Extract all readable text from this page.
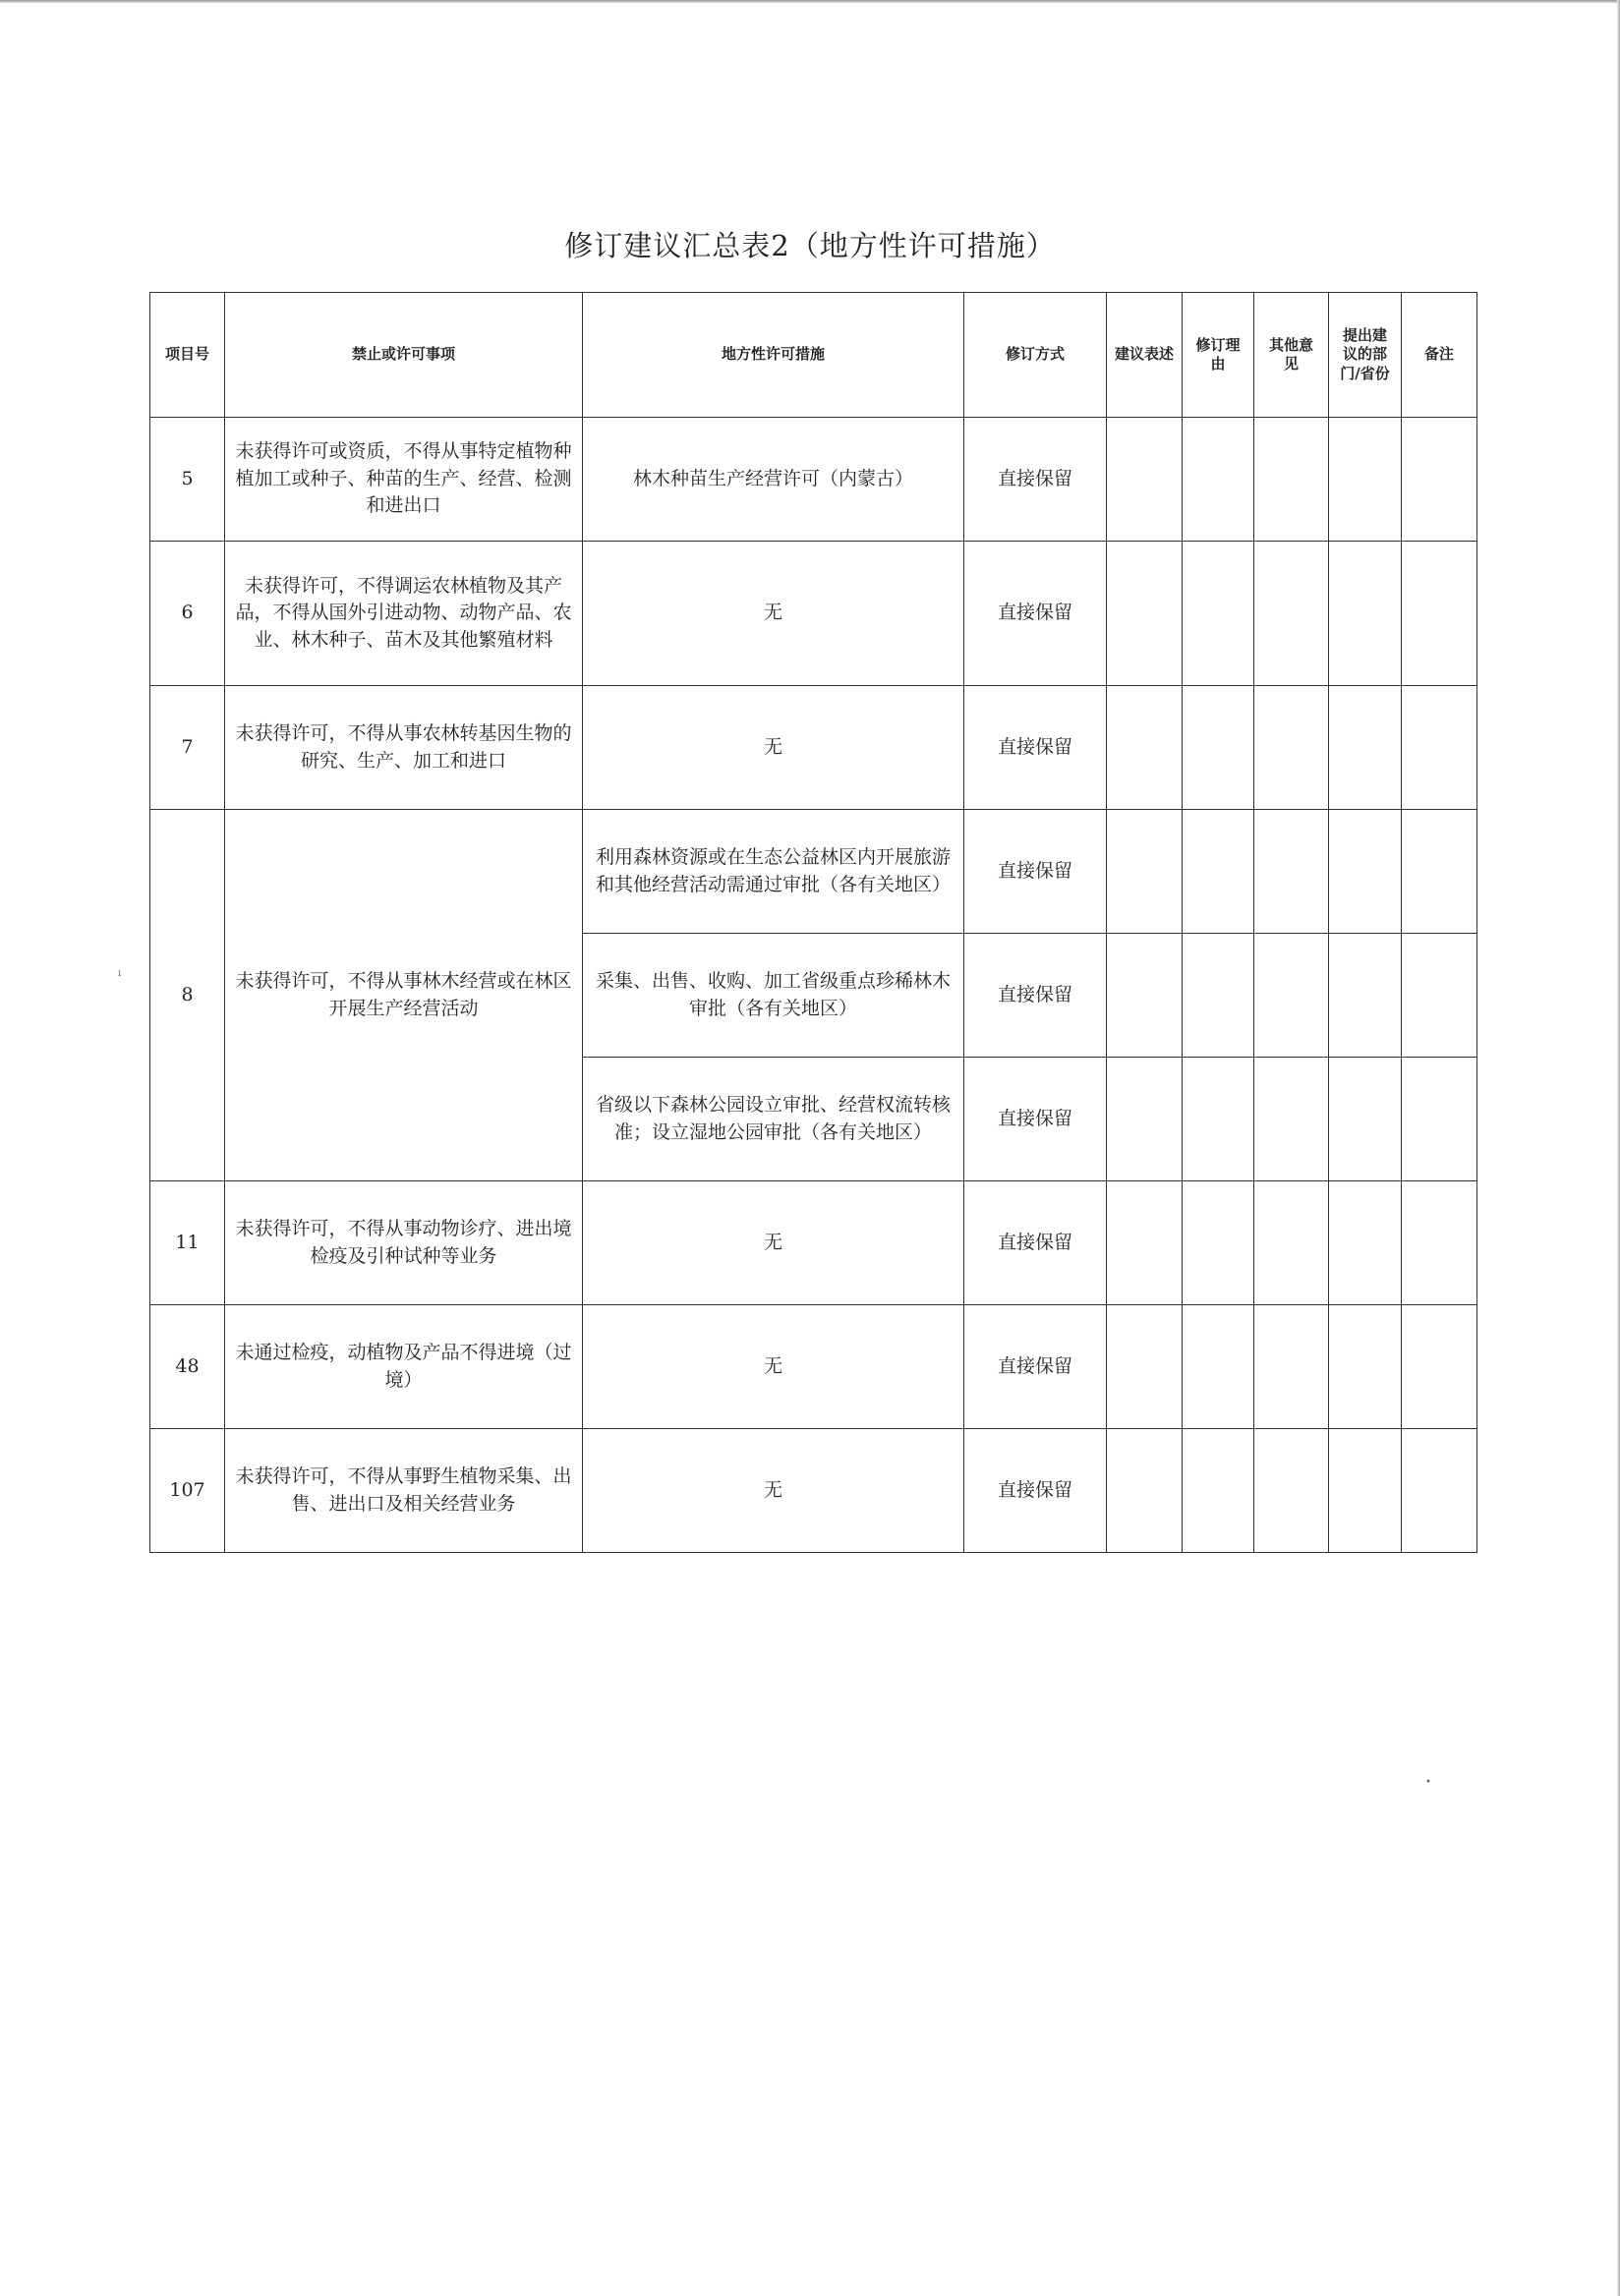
修订建议汇总表2（地方性许可措施）
项目号	禁止或许可事项	地方性许可措施	修订方式	建议表述	修订理由	其他意见	提出建议的部门/省份	备注
5	未获得许可或资质，不得从事特定植物种植加工或种子、种苗的生产、经营、检测和进出口	林木种苗生产经营许可（内蒙古）	直接保留					
6	未获得许可，不得调运农林植物及其产品，不得从国外引进动物、动物产品、农业、林木种子、苗木及其他繁殖材料	无	直接保留					
7	未获得许可，不得从事农林转基因生物的研究、生产、加工和进口	无	直接保留					
8	未获得许可，不得从事林木经营或在林区开展生产经营活动	利用森林资源或在生态公益林区内开展旅游和其他经营活动需通过审批（各有关地区）	直接保留					
		采集、出售、收购、加工省级重点珍稀林木审批（各有关地区）	直接保留					
		省级以下森林公园设立审批、经营权流转核准；设立湿地公园审批（各有关地区）	直接保留					
11	未获得许可，不得从事动物诊疗、进出境检疫及引种试种等业务	无	直接保留					
48	未通过检疫，动植物及产品不得进境（过境）	无	直接保留					
107	未获得许可，不得从事野生植物采集、出售、进出口及相关经营业务	无	直接保留					
ı
•
